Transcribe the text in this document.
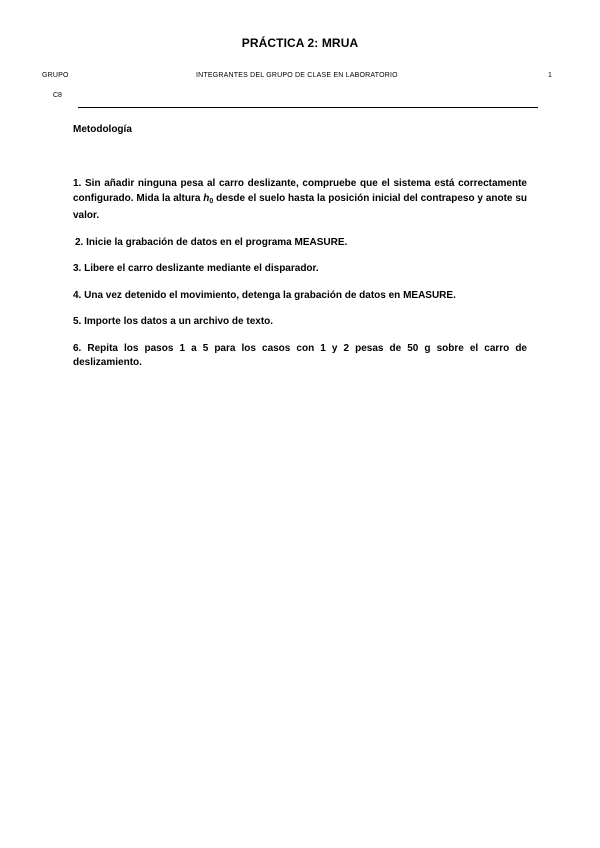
PRÁCTICA 2: MRUA
GRUPO	INTEGRANTES DEL GRUPO DE CLASE EN LABORATORIO	1
C8
Metodología

1. Sin añadir ninguna pesa al carro deslizante, compruebe que el sistema está correctamente configurado. Mida la altura $h_0$ desde el suelo hasta la posición inicial del contrapeso y anote su valor.

2. Inicie la grabación de datos en el programa MEASURE.

3. Libere el carro deslizante mediante el disparador.

4. Una vez detenido el movimiento, detenga la grabación de datos en MEASURE.

5. Importe los datos a un archivo de texto.

6. Repita los pasos 1 a 5 para los casos con 1 y 2 pesas de 50 g sobre el carro de deslizamiento.
